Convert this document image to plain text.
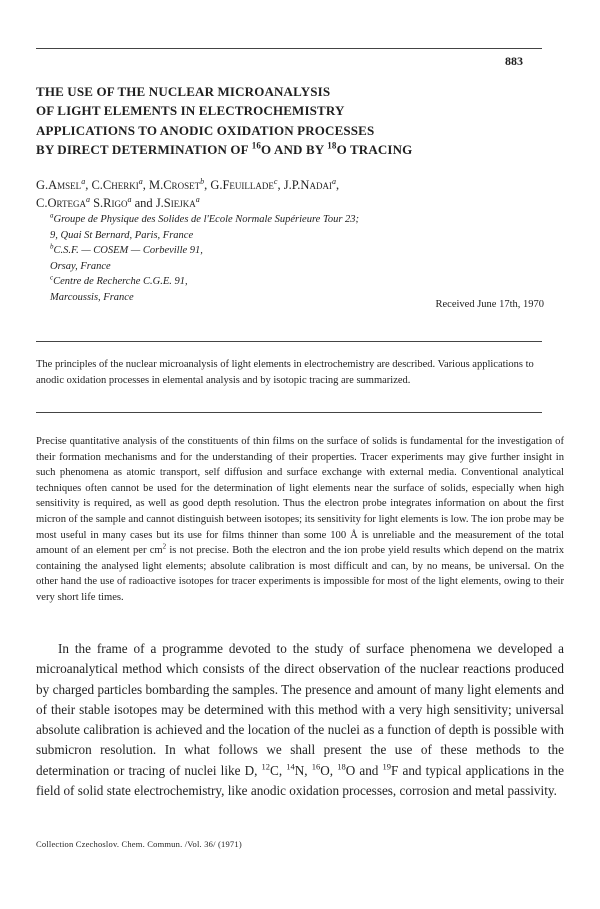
883
THE USE OF THE NUCLEAR MICROANALYSIS
OF LIGHT ELEMENTS IN ELECTROCHEMISTRY
APPLICATIONS TO ANODIC OXIDATION PROCESSES
BY DIRECT DETERMINATION OF $^{16}$O AND BY $^{18}$O TRACING
G.Amsel$^a$, C.Cherki$^a$, M.Croset$^b$, G.Feuillade$^c$, J.P.Nadai$^a$,
C.Ortega$^a$ S.Rigo$^a$ and J.Siejka$^a$
$^a$Groupe de Physique des Solides de l'Ecole Normale Supérieure Tour 23;
9, Quai St Bernard, Paris, France
$^b$C.S.F. — COSEM — Corbeville 91,
Orsay, France
$^c$Centre de Recherche C.G.E. 91,
Marcoussis, France
Received June 17th, 1970
The principles of the nuclear microanalysis of light elements in electrochemistry are described. Various applications to anodic oxidation processes in elemental analysis and by isotopic tracing are summarized.
Precise quantitative analysis of the constituents of thin films on the surface of solids is fundamental for the investigation of their formation mechanisms and for the understanding of their properties. Tracer experiments may give further insight in such phenomena as atomic transport, self diffusion and surface exchange with external media. Conventional analytical techniques often cannot be used for the determination of light elements near the surface of solids, especially when high sensitivity is required, as well as good depth resolution. Thus the electron probe integrates information on about the first micron of the sample and cannot distinguish between isotopes; its sensitivity for light elements is low. The ion probe may be most useful in many cases but its use for films thinner than some 100 Å is unreliable and the measurement of the total amount of an element per $cm^2$ is not precise. Both the electron and the ion probe yield results which depend on the matrix containing the analysed light elements; absolute calibration is most difficult and can, by no means, be universal. On the other hand the use of radioactive isotopes for tracer experiments is impossible for most of the light elements, owing to their very short life times.
In the frame of a programme devoted to the study of surface phenomena we developed a microanalytical method which consists of the direct observation of the nuclear reactions produced by charged particles bombarding the samples. The presence and amount of many light elements and of their stable isotopes may be determined with this method with a very high sensitivity; universal absolute calibration is achieved and the location of the nuclei as a function of depth is possible with submicron resolution. In what follows we shall present the use of these methods to the determination or tracing of nuclei like D, $^{12}$C, $^{14}$N, $^{16}$O, $^{18}$O and $^{19}$F and typical applications in the field of solid state electrochemistry, like anodic oxidation processes, corrosion and metal passivity.
Collection Czechoslov. Chem. Commun. /Vol. 36/ (1971)
